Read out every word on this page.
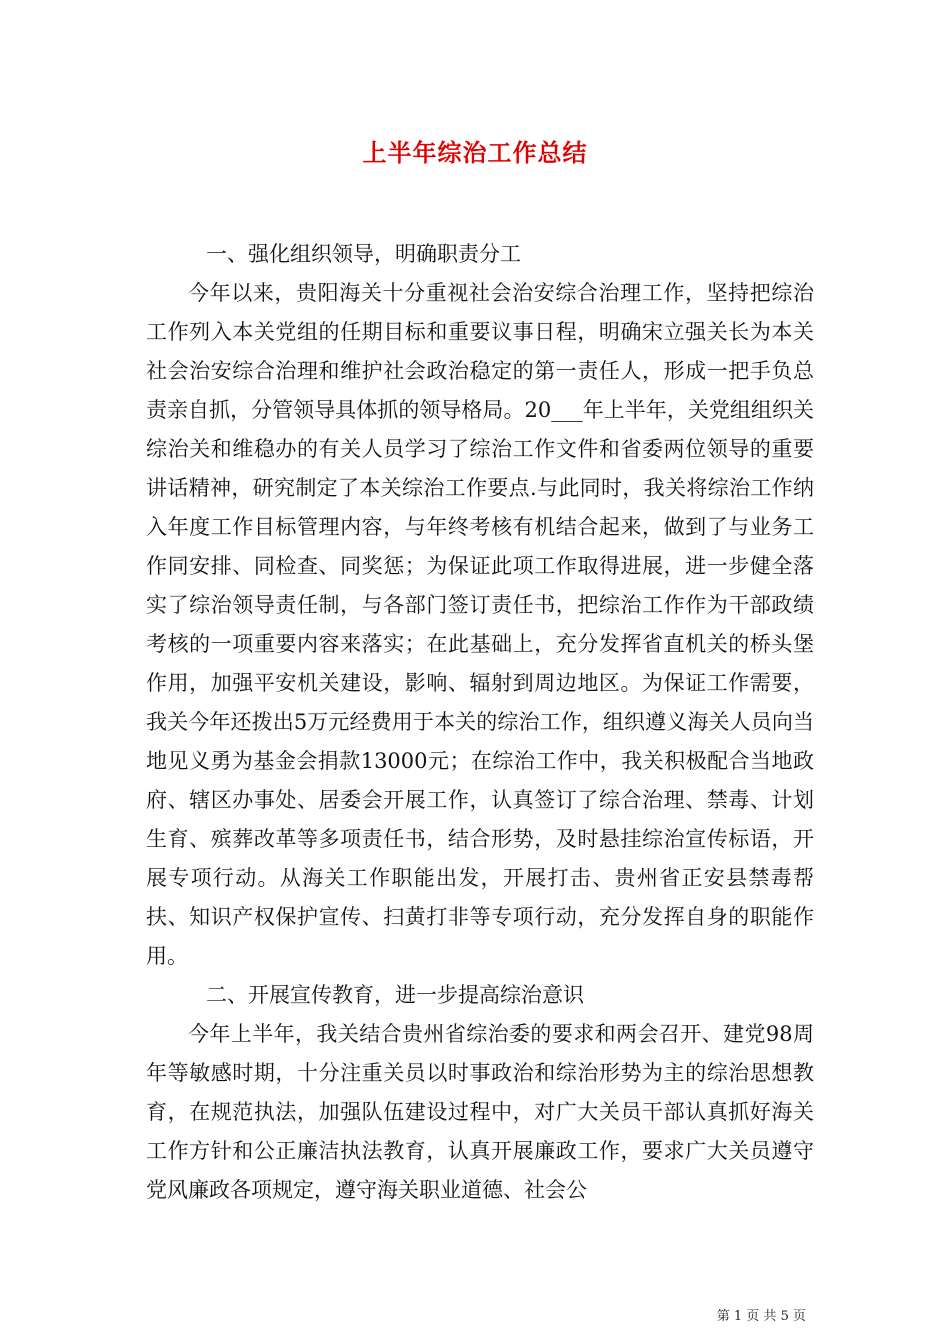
上半年综治工作总结

一、强化组织领导，明确职责分工

今年以来，贵阳海关十分重视社会治安综合治理工作，坚持把综治工作列入本关党组的任期目标和重要议事日程，明确宋立强关长为本关社会治安综合治理和维护社会政治稳定的第一责任人，形成一把手负总责亲自抓，分管领导具体抓的领导格局。20___年上半年，关党组组织关综治关和维稳办的有关人员学习了综治工作文件和省委两位领导的重要讲话精神，研究制定了本关综治工作要点.与此同时，我关将综治工作纳入年度工作目标管理内容，与年终考核有机结合起来，做到了与业务工作同安排、同检查、同奖惩；为保证此项工作取得进展，进一步健全落实了综治领导责任制，与各部门签订责任书，把综治工作作为干部政绩考核的一项重要内容来落实；在此基础上，充分发挥省直机关的桥头堡作用，加强平安机关建设，影响、辐射到周边地区。为保证工作需要，我关今年还拨出5万元经费用于本关的综治工作，组织遵义海关人员向当地见义勇为基金会捐款13000元；在综治工作中，我关积极配合当地政府、辖区办事处、居委会开展工作，认真签订了综合治理、禁毒、计划生育、殡葬改革等多项责任书，结合形势，及时悬挂综治宣传标语，开展专项行动。从海关工作职能出发，开展打击、贵州省正安县禁毒帮扶、知识产权保护宣传、扫黄打非等专项行动，充分发挥自身的职能作用。

二、开展宣传教育，进一步提高综治意识

今年上半年，我关结合贵州省综治委的要求和两会召开、建党98周年等敏感时期，十分注重关员以时事政治和综治形势为主的综治思想教育，在规范执法，加强队伍建设过程中，对广大关员干部认真抓好海关工作方针和公正廉洁执法教育，认真开展廉政工作，要求广大关员遵守党风廉政各项规定，遵守海关职业道德、社会公

第 1 页 共 5 页
